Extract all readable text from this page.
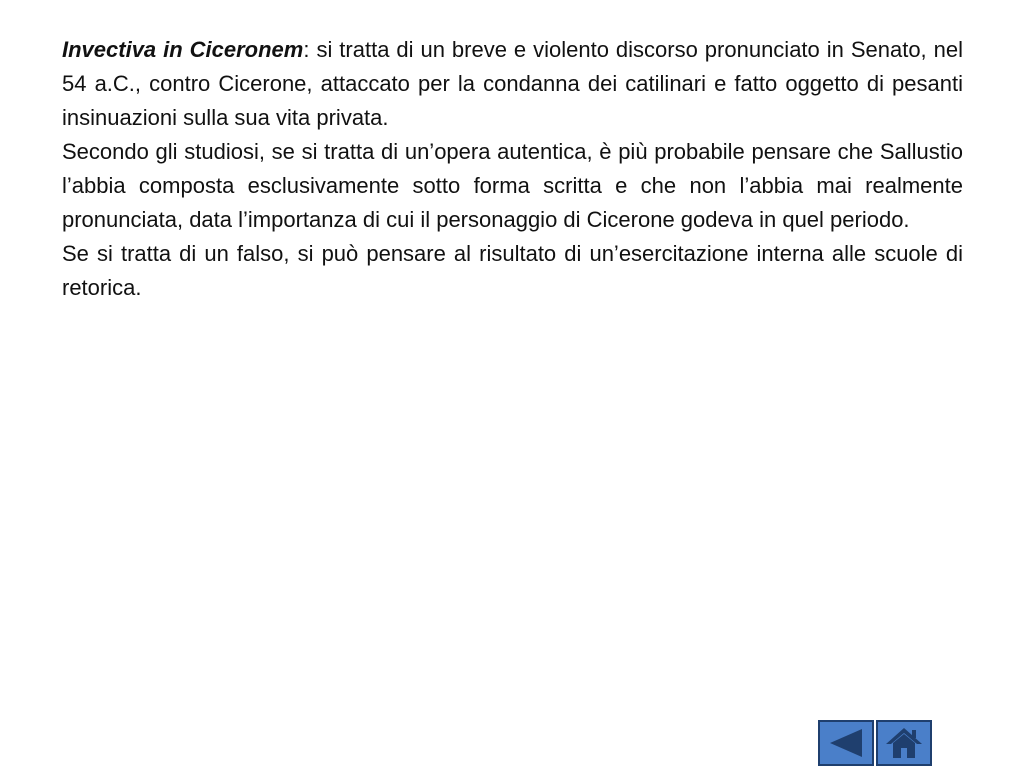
Invectiva in Ciceronem: si tratta di un breve e violento discorso pronunciato in Senato, nel 54 a.C., contro Cicerone, attaccato per la condanna dei catilinari e fatto oggetto di pesanti insinuazioni sulla sua vita privata.

Secondo gli studiosi, se si tratta di un’opera autentica, è più probabile pensare che Sallustio l’abbia composta esclusivamente sotto forma scritta e che non l’abbia mai realmente pronunciata, data l’importanza di cui il personaggio di Cicerone godeva in quel periodo.

Se si tratta di un falso, si può pensare al risultato di un’esercitazione interna alle scuole di retorica.
